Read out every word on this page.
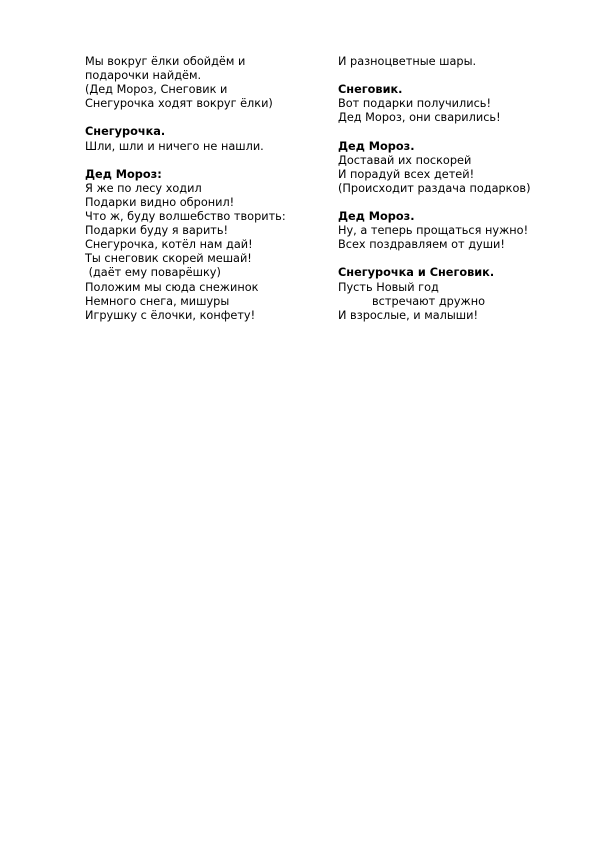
Мы вокруг ёлки обойдём и
подарочки найдём.
(Дед Мороз, Снеговик и
Снегурочка ходят вокруг ёлки)
Снегурочка.
Шли, шли и ничего не нашли.
Дед Мороз:
Я же по лесу ходил
Подарки видно обронил!
Что ж, буду волшебство творить:
Подарки буду я варить!
Снегурочка, котёл нам дай!
Ты снеговик скорей мешай!
(даёт ему поварёшку)
Положим мы сюда снежинок
Немного снега, мишуры
Игрушку с ёлочки, конфету!
И разноцветные шары.
Снеговик.
Вот подарки получились!
Дед Мороз, они сварились!
Дед Мороз.
Доставай их поскорей
И порадуй всех детей!
(Происходит раздача подарков)
Дед Мороз.
Ну, а теперь прощаться нужно!
Всех поздравляем от души!
Снегурочка и Снеговик.
Пусть Новый год
встречают дружно
И взрослые, и малыши!
